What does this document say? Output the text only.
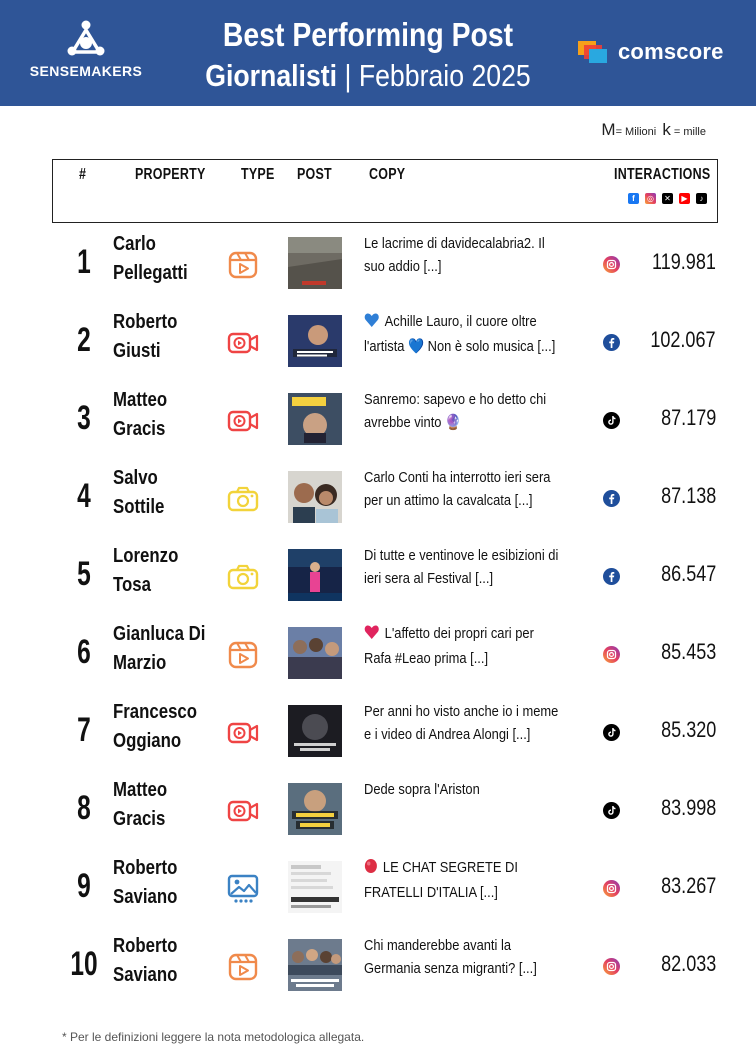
SENSEMAKERS
Best Performing Post
Giornalisti | Febbraio 2025
comscore
M= Milioni k = mille
#	PROPERTY TYPE POST COPY	INTERACTIONS
f	◎ ✕	▶	♪
1	Carlo
Pellegatti
Le lacrime di davidecalabria2. Il suo addio [...]	119.981
2	Roberto
Giusti
Achille Lauro, il cuore oltre l'artista 💙 Non è solo musica [...]	102.067
3	Matteo
Gracis
Sanremo: sapevo e ho detto chi avrebbe vinto 🔮	87.179
4	Salvo
Sottile
Carlo Conti ha interrotto ieri sera per un attimo la cavalcata [...]	87.138
5	Lorenzo
Tosa
Di tutte e ventinove le esibizioni di ieri sera al Festival [...]	86.547
6	Gianluca Di
Marzio
L'affetto dei propri cari per Rafa #Leao prima [...]	85.453
7	Francesco
Oggiano
Per anni ho visto anche io i meme e i video di Andrea Alongi [...]	85.320
8	Matteo
Gracis
Dede sopra l'Ariston
83.998
9	Roberto
Saviano
LE CHAT SEGRETE DI FRATELLI D'ITALIA [...]	83.267
10 Roberto
Saviano
Chi manderebbe avanti la Germania senza migranti? [...]	82.033
* Per le definizioni leggere la nota metodologica allegata.
